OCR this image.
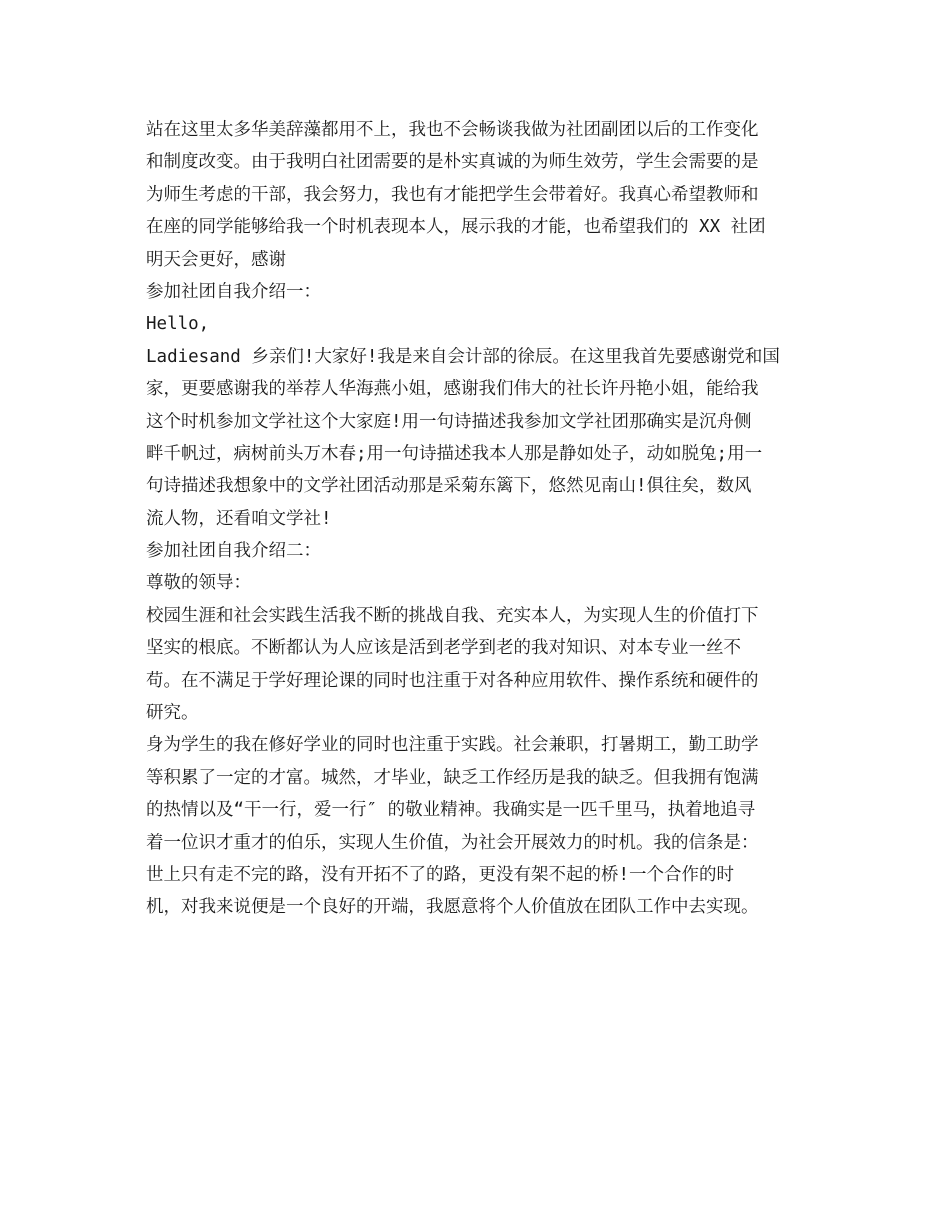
站在这里太多华美辞藻都用不上，我也不会畅谈我做为社团副团以后的工作变化
和制度改变。由于我明白社团需要的是朴实真诚的为师生效劳，学生会需要的是
为师生考虑的干部，我会努力，我也有才能把学生会带着好。我真心希望教师和
在座的同学能够给我一个时机表现本人，展示我的才能，也希望我们的 XX 社团
明天会更好，感谢
参加社团自我介绍一：
Hello,
Ladiesand 乡亲们!大家好!我是来自会计部的徐辰。在这里我首先要感谢党和国
家，更要感谢我的举荐人华海燕小姐，感谢我们伟大的社长许丹艳小姐，能给我
这个时机参加文学社这个大家庭!用一句诗描述我参加文学社团那确实是沉舟侧
畔千帆过，病树前头万木春;用一句诗描述我本人那是静如处子，动如脱兔;用一
句诗描述我想象中的文学社团活动那是采菊东篱下，悠然见南山!俱往矣，数风
流人物，还看咱文学社!
参加社团自我介绍二：
尊敬的领导：
校园生涯和社会实践生活我不断的挑战自我、充实本人，为实现人生的价值打下
坚实的根底。不断都认为人应该是活到老学到老的我对知识、对本专业一丝不
苟。在不满足于学好理论课的同时也注重于对各种应用软件、操作系统和硬件的
研究。
身为学生的我在修好学业的同时也注重于实践。社会兼职，打暑期工，勤工助学
等积累了一定的才富。城然，才毕业，缺乏工作经历是我的缺乏。但我拥有饱满
的热情以及“干一行，爱一行″ 的敬业精神。我确实是一匹千里马，执着地追寻
着一位识才重才的伯乐，实现人生价值，为社会开展效力的时机。我的信条是：
世上只有走不完的路，没有开拓不了的路，更没有架不起的桥!一个合作的时
机，对我来说便是一个良好的开端，我愿意将个人价值放在团队工作中去实现。
